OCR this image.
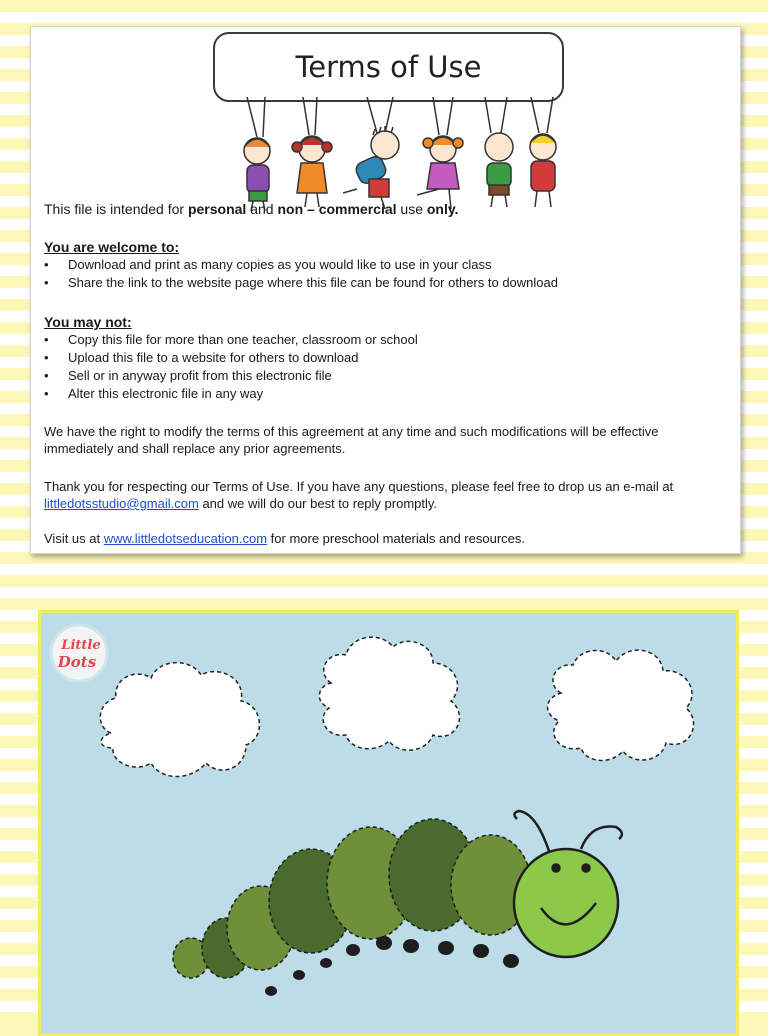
Terms of Use
This file is intended for personal and non – commercial use only.
You are welcome to:
• Download and print as many copies as you would like to use in your class
• Share the link to the website page where this file can be found for others to download
You may not:
• Copy this file for more than one teacher, classroom or school
• Upload this file to a website for others to download
• Sell or in anyway profit from this electronic file
• Alter this electronic file in any way
We have the right to modify the terms of this agreement at any time and such modifications will be effective immediately and shall replace any prior agreements.
Thank you for respecting our Terms of Use. If you have any questions, please feel free to drop us an e-mail at littledotsstudio@gmail.com and we will do our best to reply promptly.
Visit us at www.littledotseducation.com for more preschool materials and resources.
Little
Dots
